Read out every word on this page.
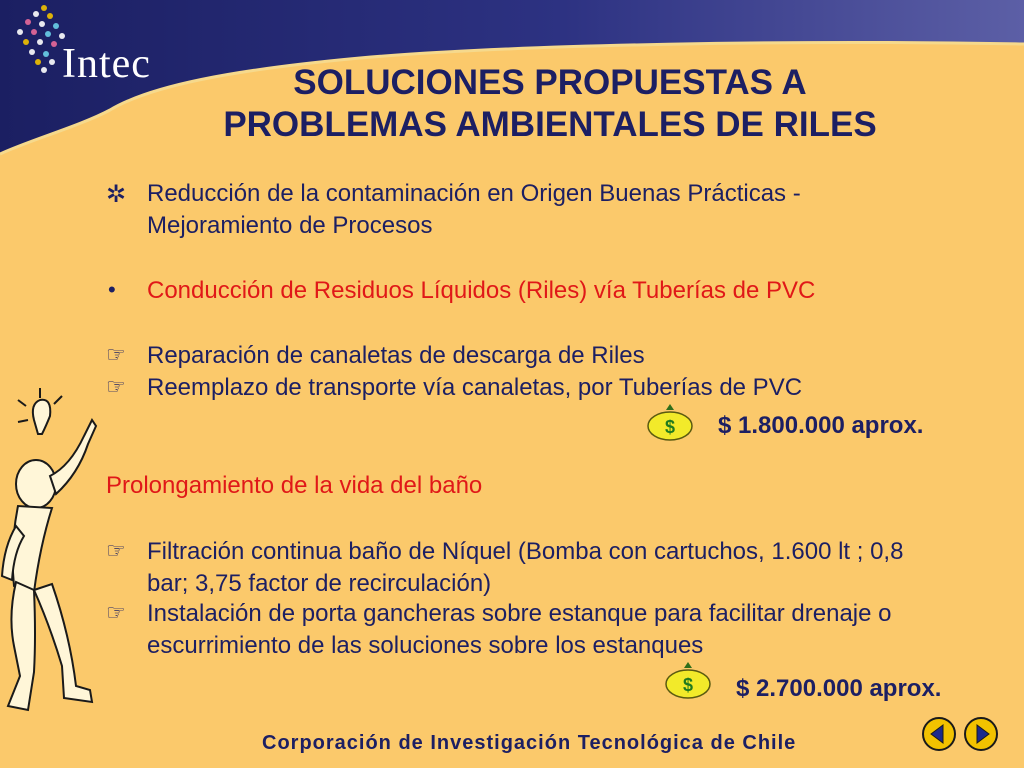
Intec	SOLUCIONES PROPUESTAS A
PROBLEMAS AMBIENTALES DE RILES
✲ Reducción de la contaminación en Origen Buenas Prácticas -
Mejoramiento de Procesos
• Conducción de Residuos Líquidos (Riles) vía Tuberías de PVC
☞ Reparación de canaletas de descarga de Riles
☞ Reemplazo de transporte vía canaletas, por Tuberías de PVC
$ $ 1.800.000 aprox.
Prolongamiento de la vida del baño
☞ Filtración continua baño de Níquel (Bomba con cartuchos, 1.600 lt ; 0,8
bar; 3,75 factor de recirculación)
☞ Instalación de porta gancheras sobre estanque para facilitar drenaje o
escurrimiento de las soluciones sobre los estanques
$ $ 2.700.000 aprox.
Corporación de Investigación Tecnológica de Chile
